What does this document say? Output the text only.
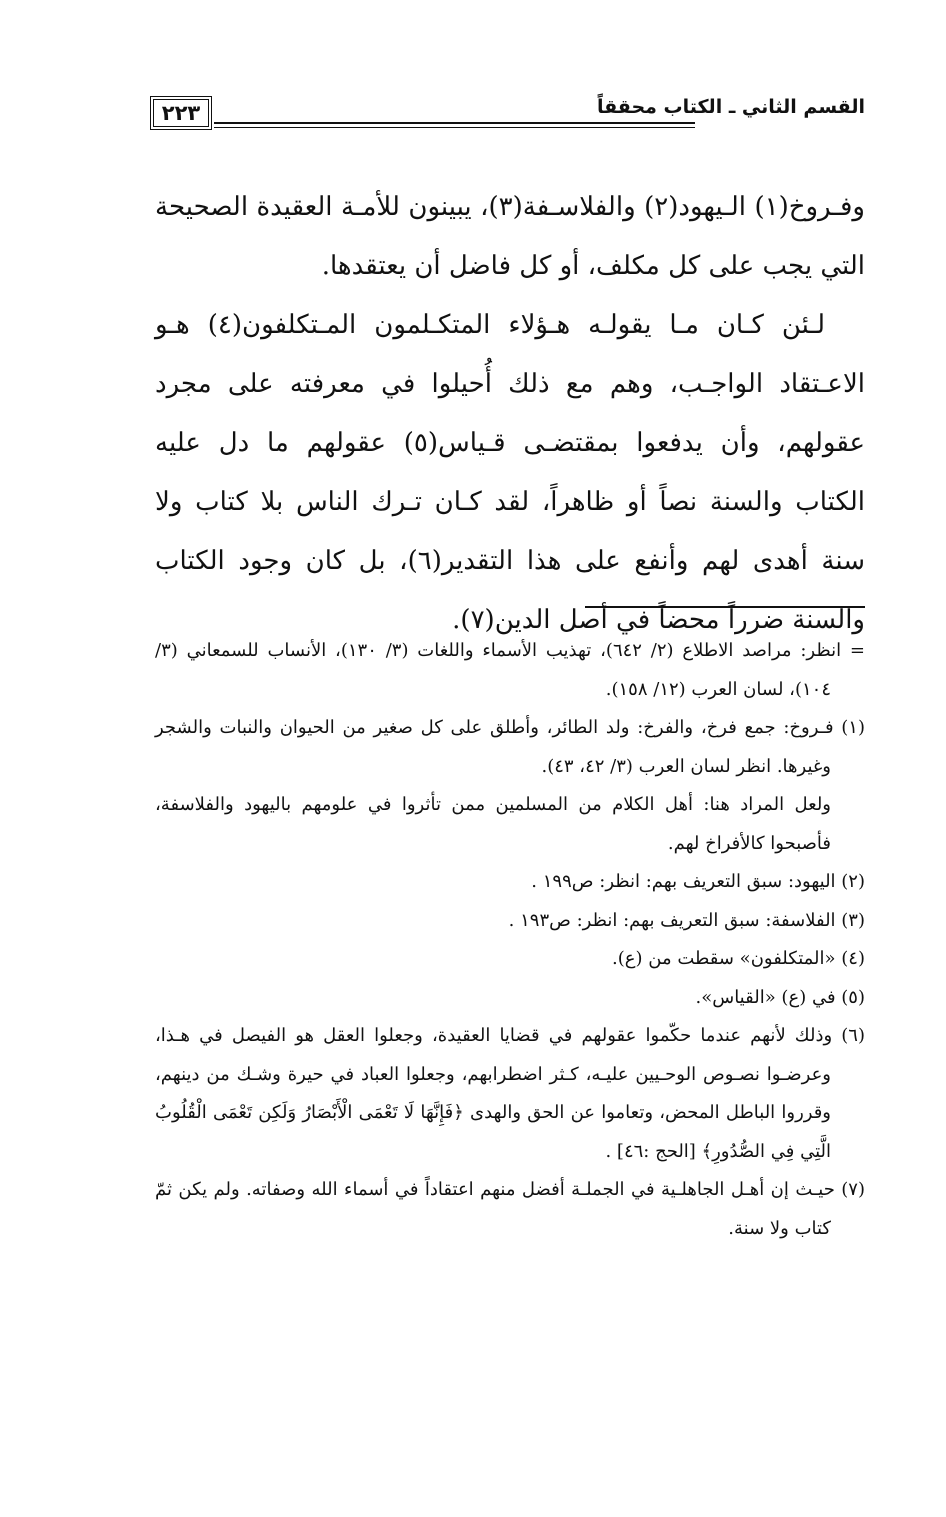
٢٢٣	القسم الثاني ـ الكتاب محققاً

وفـروخ(١) الـيهود(٢) والفلاسـفة(٣)، يبينون للأمـة العقيدة الصحيحة التي يجب على كل مكلف، أو كل فاضل أن يعتقدها.

لـئن كـان مـا يقولـه هـؤلاء المتكـلمون المـتكلفون(٤) هـو الاعـتقاد الواجـب، وهم مع ذلك أُحيلوا في معرفته على مجرد عقولهم، وأن يدفعوا بمقتضـى قـياس(٥) عقولهم ما دل عليه الكتاب والسنة نصاً أو ظاهراً، لقد كـان تـرك الناس بلا كتاب ولا سنة أهدى لهم وأنفع على هذا التقدير(٦)، بل كان وجود الكتاب والسنة ضرراً محضاً في أصل الدين(٧).

= انظر: مراصد الاطلاع (٢/ ٦٤٢)، تهذيب الأسماء واللغات (٣/ ١٣٠)، الأنساب للسمعاني (٣/ ١٠٤)، لسان العرب (١٢/ ١٥٨).

(١) فـروخ: جمع فرخ، والفرخ: ولد الطائر، وأطلق على كل صغير من الحيوان والنبات والشجر وغيرها. انظر لسان العرب (٣/ ٤٢، ٤٣).

ولعل المراد هنا: أهل الكلام من المسلمين ممن تأثروا في علومهم باليهود والفلاسفة، فأصبحوا كالأفراخ لهم.

(٢) اليهود: سبق التعريف بهم: انظر: ص١٩٩ .

(٣) الفلاسفة: سبق التعريف بهم: انظر: ص١٩٣ .

(٤) «المتكلفون» سقطت من (ع).

(٥) في (ع) «القياس».

(٦) وذلك لأنهم عندما حكّموا عقولهم في قضايا العقيدة، وجعلوا العقل هو الفيصل في هـذا، وعرضـوا نصـوص الوحـيين عليـه، كـثر اضطرابهم، وجعلوا العباد في حيرة وشـك من دينهم، وقرروا الباطل المحض، وتعاموا عن الحق والهدى ﴿فَإِنَّهَا لَا تَعْمَى الْأَبْصَارُ وَلَكِن تَعْمَى الْقُلُوبُ الَّتِي فِي الصُّدُورِ﴾ [الحج :٤٦] .

(٧) حيـث إن أهـل الجاهلـية في الجملـة أفضل منهم اعتقاداً في أسماء الله وصفاته. ولم يكن ثمّ كتاب ولا سنة.
